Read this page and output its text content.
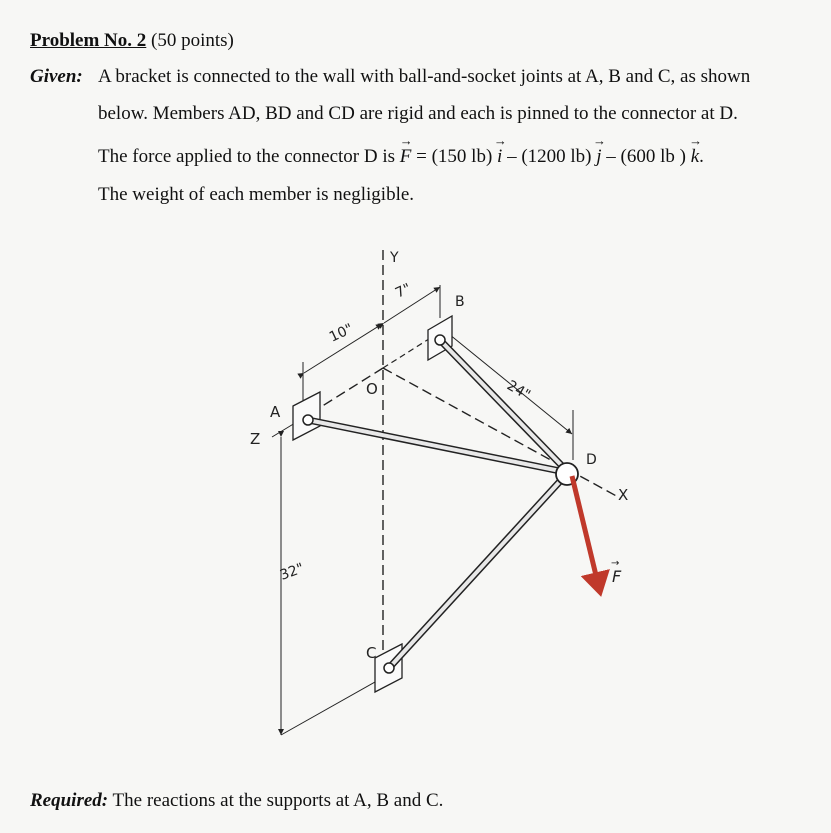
Problem No. 2 (50 points)
Given: A bracket is connected to the wall with ball-and-socket joints at A, B and C, as shown
below. Members AD, BD and CD are rigid and each is pinned to the connector at D.
The force applied to the connector D is F → = (150 lb) i → – (1200 lb) j → – (600 lb ) k →.
The weight of each member is negligible.
Y
O
A
Z
B
C
D
X
F
→
10"
7"
24"
32"
Required: The reactions at the supports at A, B and C.
